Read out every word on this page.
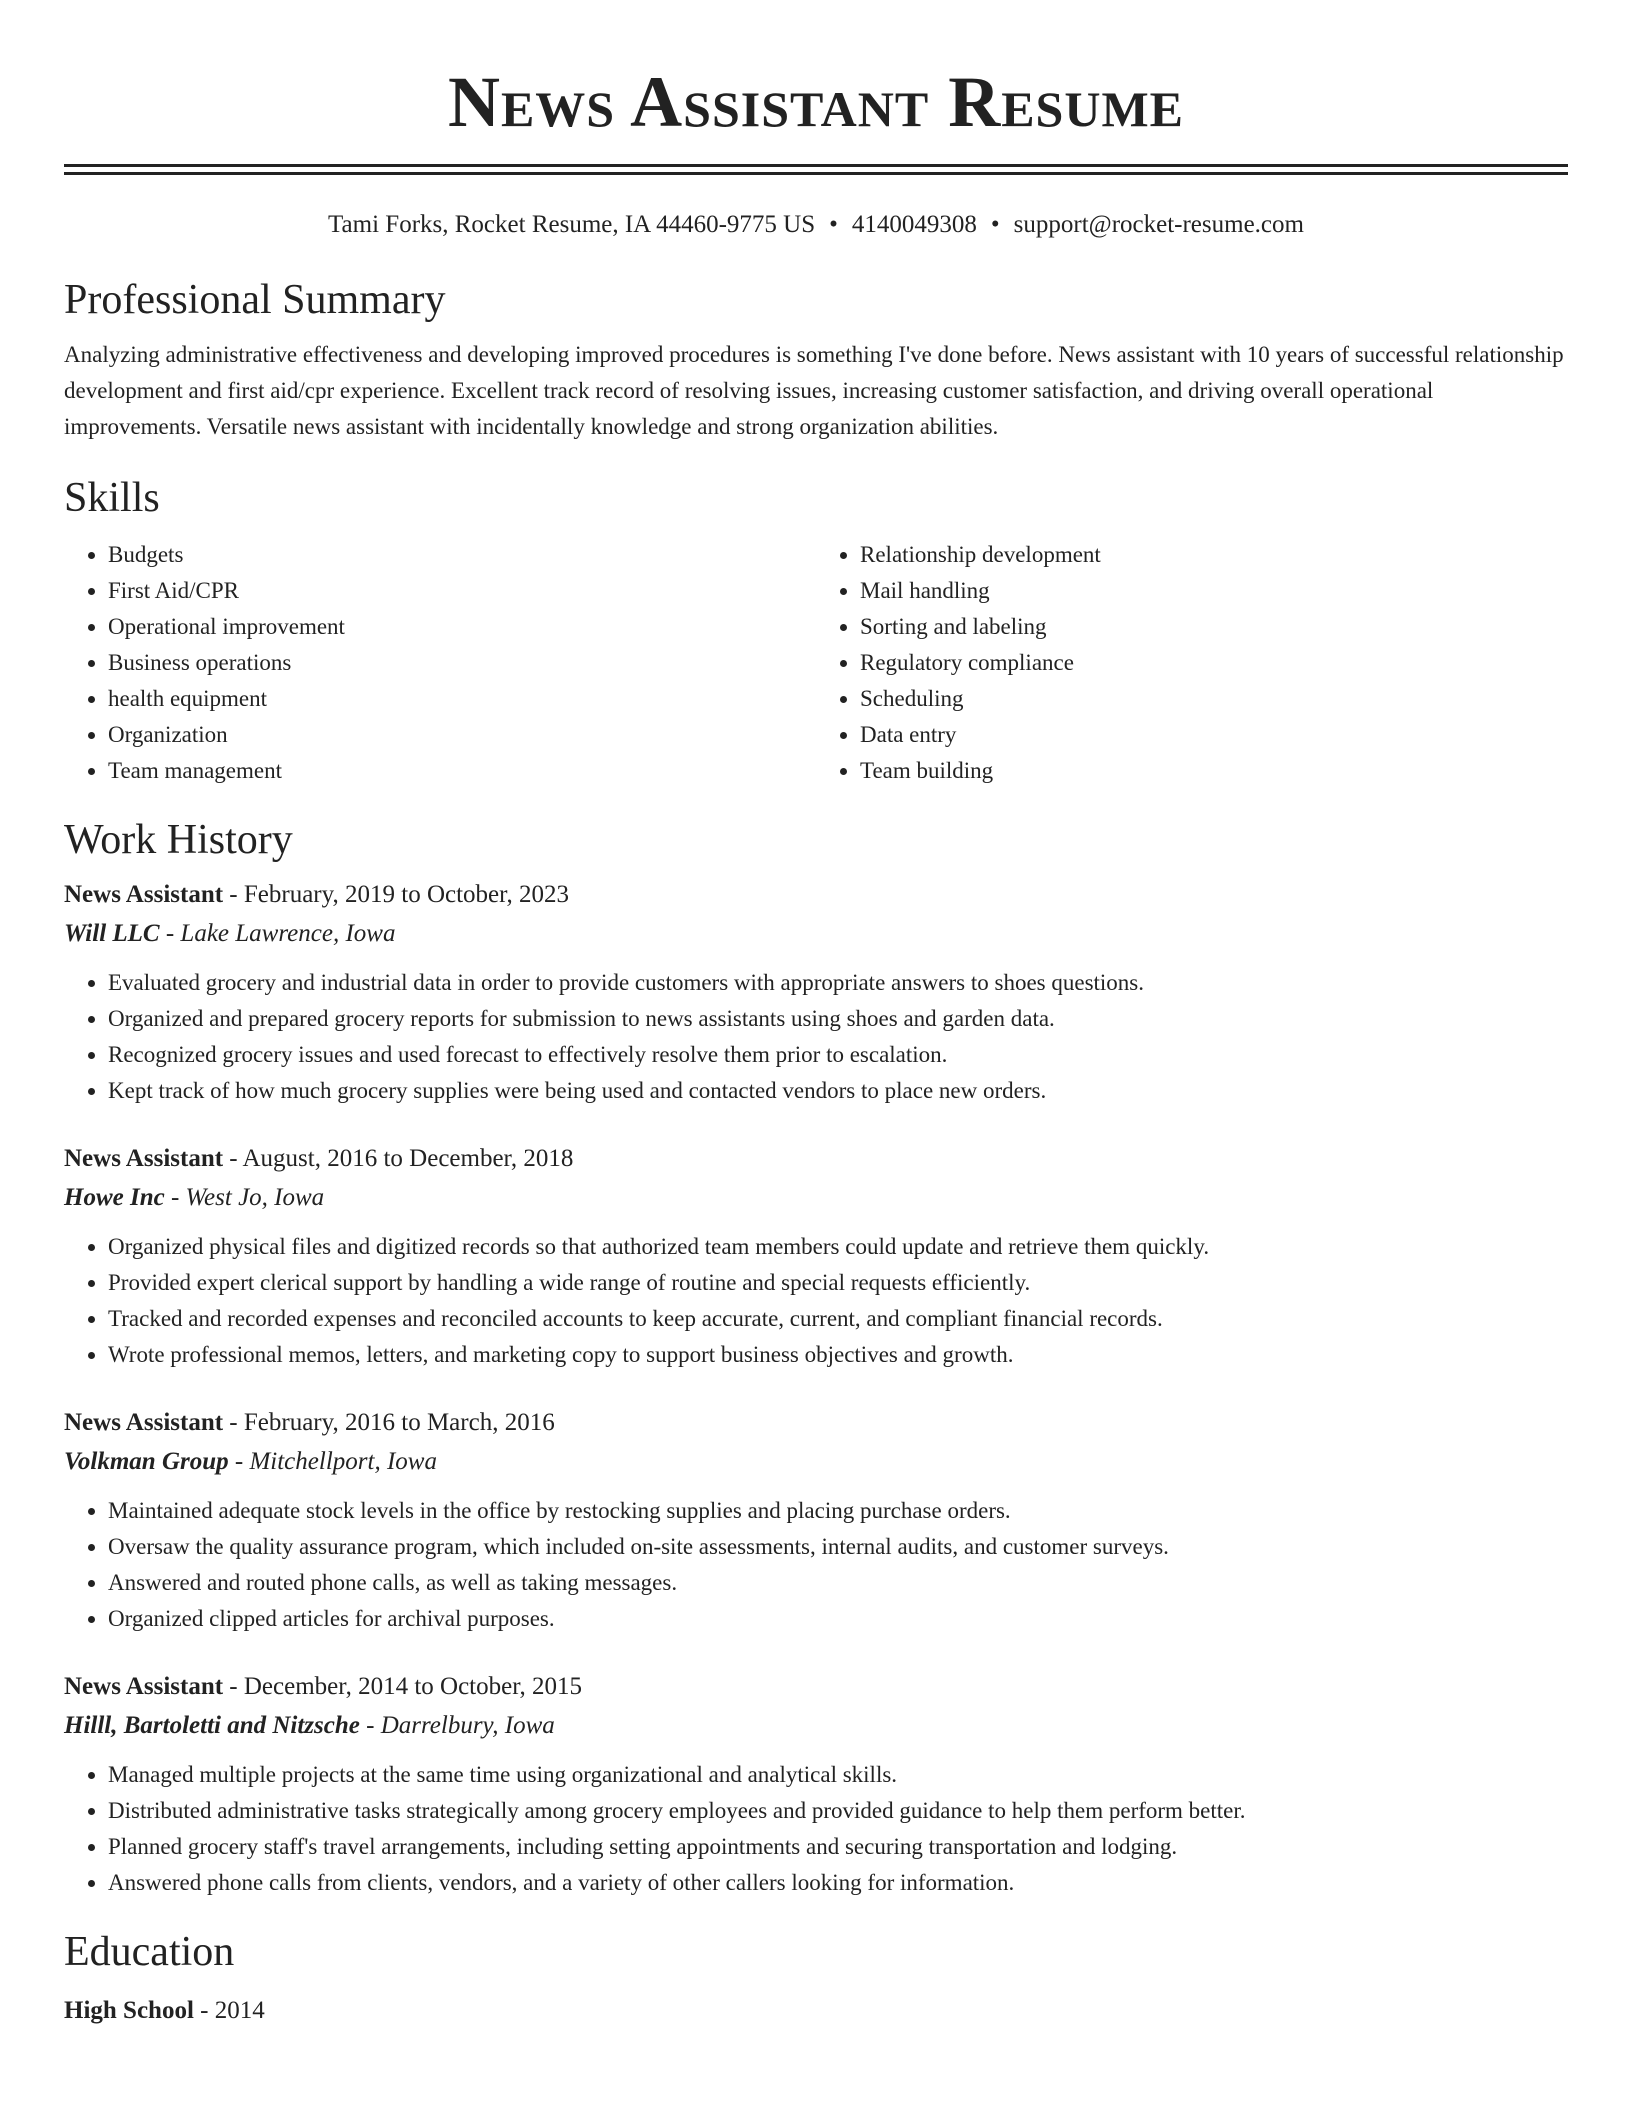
News Assistant Resume
Tami Forks, Rocket Resume, IA 44460-9775 US • 4140049308 • support@rocket-resume.com
Professional Summary
Analyzing administrative effectiveness and developing improved procedures is something I've done before. News assistant with 10 years of successful relationship development and first aid/cpr experience. Excellent track record of resolving issues, increasing customer satisfaction, and driving overall operational improvements. Versatile news assistant with incidentally knowledge and strong organization abilities.
Skills
• Budgets
• First Aid/CPR
• Operational improvement
• Business operations
• health equipment
• Organization
• Team management
• Relationship development
• Mail handling
• Sorting and labeling
• Regulatory compliance
• Scheduling
• Data entry
• Team building
Work History
News Assistant - February, 2019 to October, 2023
Will LLC - Lake Lawrence, Iowa
• Evaluated grocery and industrial data in order to provide customers with appropriate answers to shoes questions.
• Organized and prepared grocery reports for submission to news assistants using shoes and garden data.
• Recognized grocery issues and used forecast to effectively resolve them prior to escalation.
• Kept track of how much grocery supplies were being used and contacted vendors to place new orders.
News Assistant - August, 2016 to December, 2018
Howe Inc - West Jo, Iowa
• Organized physical files and digitized records so that authorized team members could update and retrieve them quickly.
• Provided expert clerical support by handling a wide range of routine and special requests efficiently.
• Tracked and recorded expenses and reconciled accounts to keep accurate, current, and compliant financial records.
• Wrote professional memos, letters, and marketing copy to support business objectives and growth.
News Assistant - February, 2016 to March, 2016
Volkman Group - Mitchellport, Iowa
• Maintained adequate stock levels in the office by restocking supplies and placing purchase orders.
• Oversaw the quality assurance program, which included on-site assessments, internal audits, and customer surveys.
• Answered and routed phone calls, as well as taking messages.
• Organized clipped articles for archival purposes.
News Assistant - December, 2014 to October, 2015
Hilll, Bartoletti and Nitzsche - Darrelbury, Iowa
• Managed multiple projects at the same time using organizational and analytical skills.
• Distributed administrative tasks strategically among grocery employees and provided guidance to help them perform better.
• Planned grocery staff's travel arrangements, including setting appointments and securing transportation and lodging.
• Answered phone calls from clients, vendors, and a variety of other callers looking for information.
Education
High School - 2014
